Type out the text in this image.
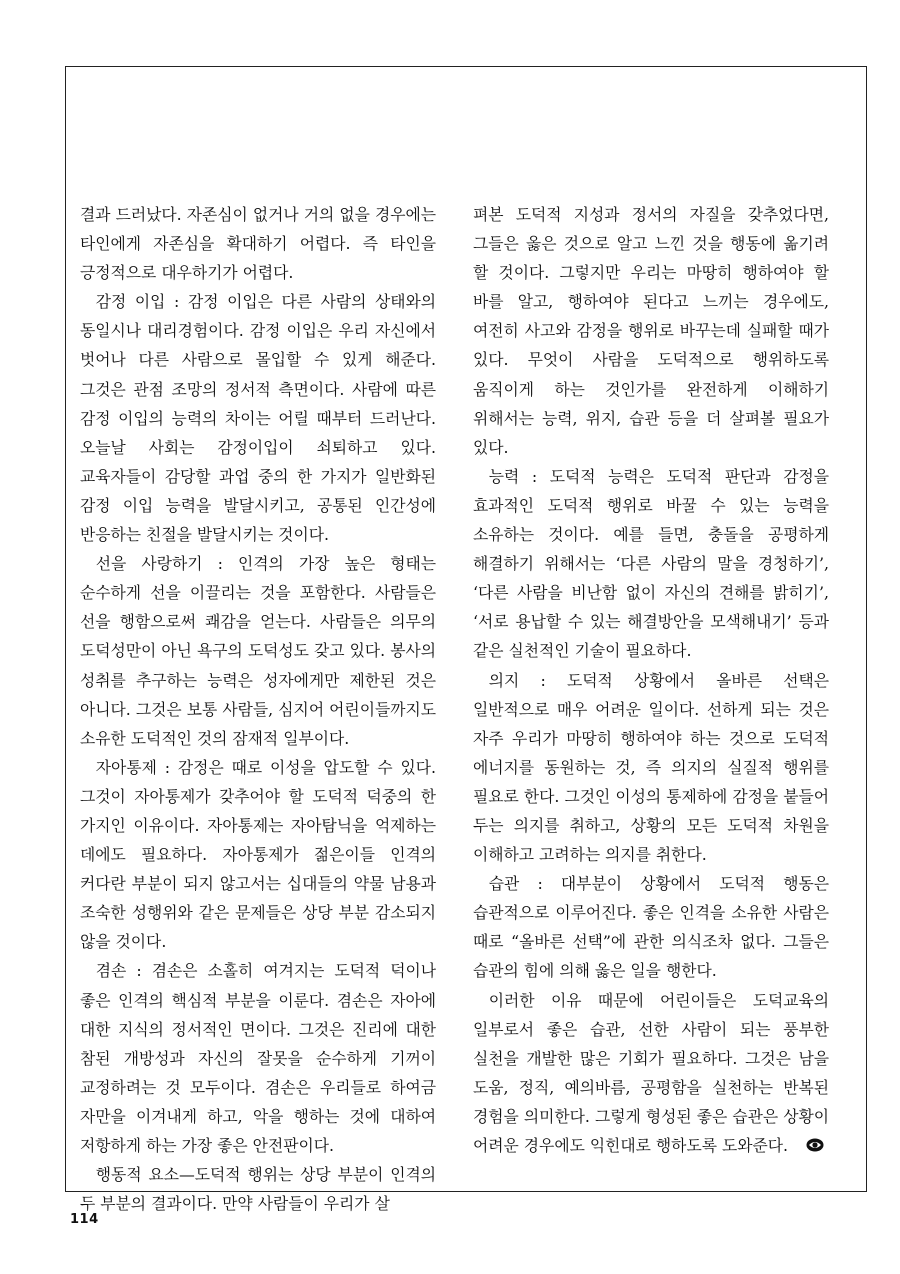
결과 드러났다. 자존심이 없거나 거의 없을 경우에는 타인에게 자존심을 확대하기 어렵다. 즉 타인을 긍정적으로 대우하기가 어렵다.

감정 이입 : 감정 이입은 다른 사람의 상태와의 동일시나 대리경험이다. 감정 이입은 우리 자신에서 벗어나 다른 사람으로 몰입할 수 있게 해준다. 그것은 관점 조망의 정서적 측면이다. 사람에 따른 감정 이입의 능력의 차이는 어릴 때부터 드러난다. 오늘날 사회는 감정이입이 쇠퇴하고 있다. 교육자들이 감당할 과업 중의 한 가지가 일반화된 감정 이입 능력을 발달시키고, 공통된 인간성에 반응하는 친절을 발달시키는 것이다.

선을 사랑하기 : 인격의 가장 높은 형태는 순수하게 선을 이끌리는 것을 포함한다. 사람들은 선을 행함으로써 쾌감을 얻는다. 사람들은 의무의 도덕성만이 아닌 욕구의 도덕성도 갖고 있다. 봉사의 성취를 추구하는 능력은 성자에게만 제한된 것은 아니다. 그것은 보통 사람들, 심지어 어린이들까지도 소유한 도덕적인 것의 잠재적 일부이다.

자아통제 : 감정은 때로 이성을 압도할 수 있다. 그것이 자아통제가 갖추어야 할 도덕적 덕중의 한 가지인 이유이다. 자아통제는 자아탐닉을 억제하는 데에도 필요하다. 자아통제가 젊은이들 인격의 커다란 부분이 되지 않고서는 십대들의 약물 남용과 조숙한 성행위와 같은 문제들은 상당 부분 감소되지 않을 것이다.

겸손 : 겸손은 소홀히 여겨지는 도덕적 덕이나 좋은 인격의 핵심적 부분을 이룬다. 겸손은 자아에 대한 지식의 정서적인 면이다. 그것은 진리에 대한 참된 개방성과 자신의 잘못을 순수하게 기꺼이 교정하려는 것 모두이다. 겸손은 우리들로 하여금 자만을 이겨내게 하고, 악을 행하는 것에 대하여 저항하게 하는 가장 좋은 안전판이다.

행동적 요소—도덕적 행위는 상당 부분이 인격의 두 부분의 결과이다. 만약 사람들이 우리가 살

펴본 도덕적 지성과 정서의 자질을 갖추었다면, 그들은 옳은 것으로 알고 느낀 것을 행동에 옮기려 할 것이다. 그렇지만 우리는 마땅히 행하여야 할 바를 알고, 행하여야 된다고 느끼는 경우에도, 여전히 사고와 감정을 행위로 바꾸는데 실패할 때가 있다. 무엇이 사람을 도덕적으로 행위하도록 움직이게 하는 것인가를 완전하게 이해하기 위해서는 능력, 위지, 습관 등을 더 살펴볼 필요가 있다.

능력 : 도덕적 능력은 도덕적 판단과 감정을 효과적인 도덕적 행위로 바꿀 수 있는 능력을 소유하는 것이다. 예를 들면, 충돌을 공평하게 해결하기 위해서는 ‘다른 사람의 말을 경청하기’, ‘다른 사람을 비난함 없이 자신의 견해를 밝히기’, ‘서로 용납할 수 있는 해결방안을 모색해내기’ 등과 같은 실천적인 기술이 필요하다.

의지 : 도덕적 상황에서 올바른 선택은 일반적으로 매우 어려운 일이다. 선하게 되는 것은 자주 우리가 마땅히 행하여야 하는 것으로 도덕적 에너지를 동원하는 것, 즉 의지의 실질적 행위를 필요로 한다. 그것인 이성의 통제하에 감정을 붙들어 두는 의지를 취하고, 상황의 모든 도덕적 차원을 이해하고 고려하는 의지를 취한다.

습관 : 대부분이 상황에서 도덕적 행동은 습관적으로 이루어진다. 좋은 인격을 소유한 사람은 때로 “올바른 선택”에 관한 의식조차 없다. 그들은 습관의 힘에 의해 옳은 일을 행한다.

이러한 이유 때문에 어린이들은 도덕교육의 일부로서 좋은 습관, 선한 사람이 되는 풍부한 실천을 개발한 많은 기회가 필요하다. 그것은 남을 도움, 정직, 예의바름, 공평함을 실천하는 반복된 경험을 의미한다. 그렇게 형성된 좋은 습관은 상황이 어려운 경우에도 익힌대로 행하도록 도와준다.

114
